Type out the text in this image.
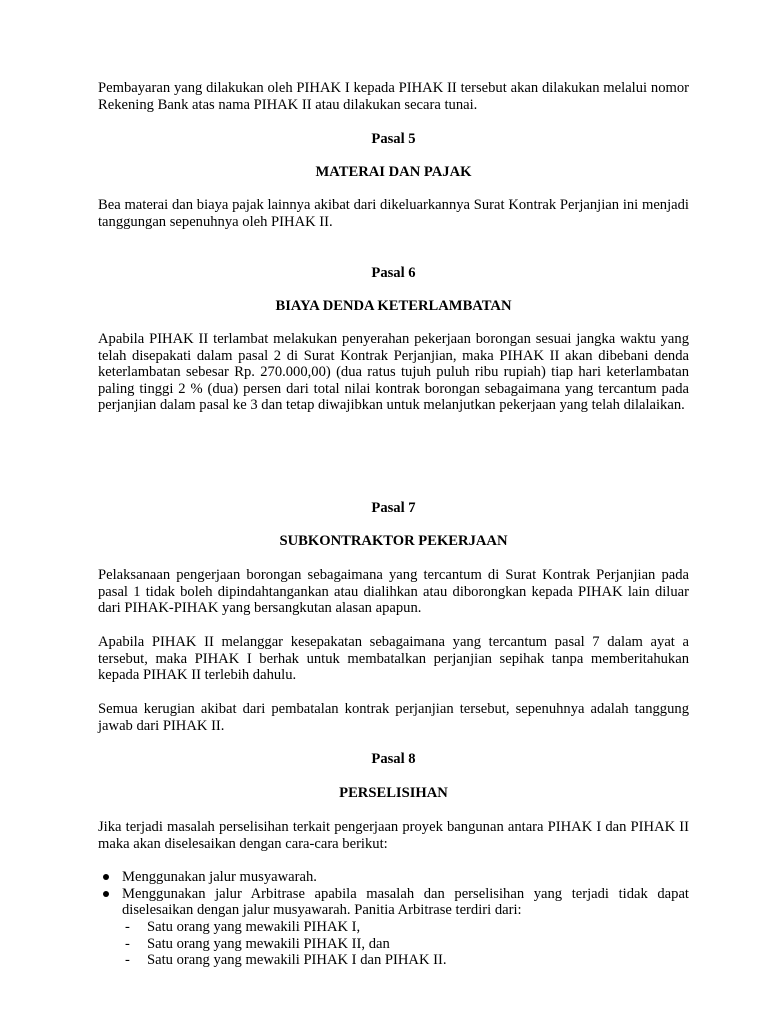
Pembayaran yang dilakukan oleh PIHAK I kepada PIHAK II tersebut akan dilakukan melalui nomor Rekening Bank atas nama PIHAK II atau dilakukan secara tunai.

Pasal 5

MATERAI DAN PAJAK

Bea materai dan biaya pajak lainnya akibat dari dikeluarkannya Surat Kontrak Perjanjian ini menjadi tanggungan sepenuhnya oleh PIHAK II.

Pasal 6

BIAYA DENDA KETERLAMBATAN

Apabila PIHAK II terlambat melakukan penyerahan pekerjaan borongan sesuai jangka waktu yang telah disepakati dalam pasal 2 di Surat Kontrak Perjanjian, maka PIHAK II akan dibebani denda keterlambatan sebesar Rp. 270.000,00) (dua ratus tujuh puluh ribu rupiah) tiap hari keterlambatan paling tinggi 2 % (dua) persen dari total nilai kontrak borongan sebagaimana yang tercantum pada perjanjian dalam pasal ke 3 dan tetap diwajibkan untuk melanjutkan pekerjaan yang telah dilalaikan.

Pasal 7

SUBKONTRAKTOR PEKERJAAN

Pelaksanaan pengerjaan borongan sebagaimana yang tercantum di Surat Kontrak Perjanjian pada pasal 1 tidak boleh dipindahtangankan atau dialihkan atau diborongkan kepada PIHAK lain diluar dari PIHAK-PIHAK yang bersangkutan alasan apapun.

Apabila PIHAK II melanggar kesepakatan sebagaimana yang tercantum pasal 7 dalam ayat a tersebut, maka PIHAK I berhak untuk membatalkan perjanjian sepihak tanpa memberitahukan kepada PIHAK II terlebih dahulu.

Semua kerugian akibat dari pembatalan kontrak perjanjian tersebut, sepenuhnya adalah tanggung jawab dari PIHAK II.

Pasal 8

PERSELISIHAN

Jika terjadi masalah perselisihan terkait pengerjaan proyek bangunan antara PIHAK I dan PIHAK II maka akan diselesaikan dengan cara-cara berikut:

Menggunakan jalur musyawarah.
Menggunakan jalur Arbitrase apabila masalah dan perselisihan yang terjadi tidak dapat diselesaikan dengan jalur musyawarah. Panitia Arbitrase terdiri dari:
- Satu orang yang mewakili PIHAK I,
- Satu orang yang mewakili PIHAK II, dan
- Satu orang yang mewakili PIHAK I dan PIHAK II.
